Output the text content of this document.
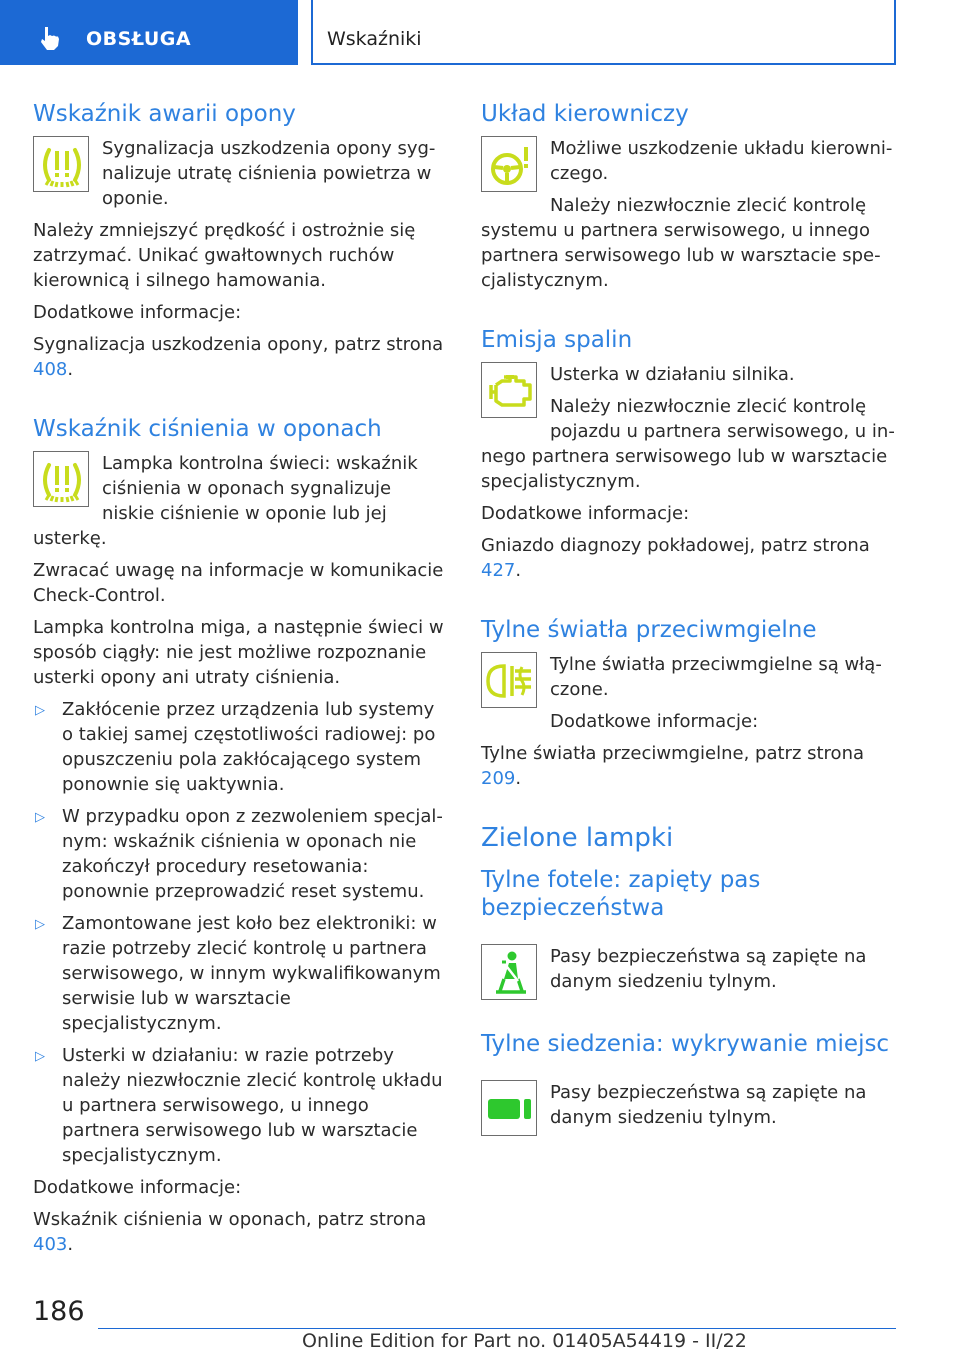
OBSŁUGA	Wskaźniki
Wskaźnik awarii opony

Sygnalizacja uszkodzenia opony sygnalizuje utratę ciśnienia powietrza w oponie.

Należy zmniejszyć prędkość i ostrożnie się zatrzymać. Unikać gwałtownych ruchów kierownicą i silnego hamowania.

Dodatkowe informacje:

Sygnalizacja uszkodzenia opony, patrz strona 408.

Wskaźnik ciśnienia w oponach

Lampka kontrolna świeci: wskaźnik ciśnienia w oponach sygnalizuje niskie ciśnienie w oponie lub jej usterkę.

Zwracać uwagę na informacje w komunikacie Check-Control.

Lampka kontrolna miga, a następnie świeci w sposób ciągły: nie jest możliwe rozpoznanie usterki opony ani utraty ciśnienia.

▷ Zakłócenie przez urządzenia lub systemy o takiej samej częstotliwości radiowej: po opuszczeniu pola zakłócającego system ponownie się uaktywnia.
▷ W przypadku opon z zezwoleniem specjalnym: wskaźnik ciśnienia w oponach nie zakończył procedury resetowania: ponownie przeprowadzić reset systemu.
▷ Zamontowane jest koło bez elektroniki: w razie potrzeby zlecić kontrolę u partnera serwisowego, w innym wykwalifikowanym serwisie lub w warsztacie specjalistycznym.
▷ Usterki w działaniu: w razie potrzeby należy niezwłocznie zlecić kontrolę układu u partnera serwisowego, u innego partnera serwisowego lub w warsztacie specjalistycznym.

Dodatkowe informacje:

Wskaźnik ciśnienia w oponach, patrz strona 403.

Układ kierowniczy

Możliwe uszkodzenie układu kierowniczego.

Należy niezwłocznie zlecić kontrolę systemu u partnera serwisowego, u innego partnera serwisowego lub w warsztacie specjalistycznym.

Emisja spalin

Usterka w działaniu silnika.

Należy niezwłocznie zlecić kontrolę pojazdu u partnera serwisowego, u innego partnera serwisowego lub w warsztacie specjalistycznym.

Dodatkowe informacje:

Gniazdo diagnozy pokładowej, patrz strona 427.

Tylne światła przeciwmgielne

Tylne światła przeciwmgielne są włączone.

Dodatkowe informacje:

Tylne światła przeciwmgielne, patrz strona 209.

Zielone lampki
Tylne fotele: zapięty pas bezpieczeństwa

Pasy bezpieczeństwa są zapięte na danym siedzeniu tylnym.

Tylne siedzenia: wykrywanie miejsc

Pasy bezpieczeństwa są zapięte na danym siedzeniu tylnym.

186
Online Edition for Part no. 01405A54419 - II/22
